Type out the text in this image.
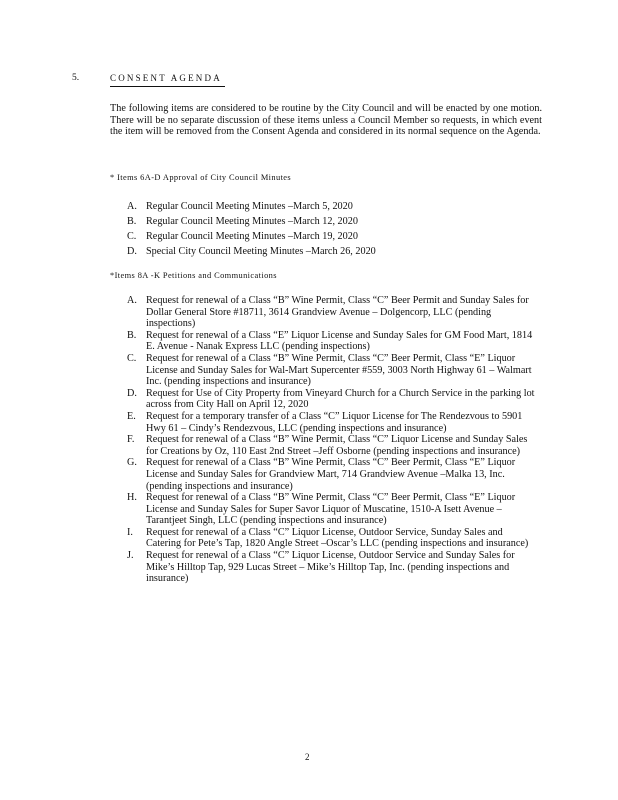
5.	CONSENT AGENDA

The following items are considered to be routine by the City Council and will be enacted by one motion. There will be no separate discussion of these items unless a Council Member so requests, in which event the item will be removed from the Consent Agenda and considered in its normal sequence on the Agenda.

* Items 6A-D Approval of City Council Minutes
A. Regular Council Meeting Minutes –March 5, 2020
B. Regular Council Meeting Minutes –March 12, 2020
C. Regular Council Meeting Minutes –March 19, 2020
D. Special City Council Meeting Minutes –March 26, 2020
*Items 8A -K Petitions and Communications
A. Request for renewal of a Class “B” Wine Permit, Class “C” Beer Permit and Sunday Sales for Dollar General Store #18711, 3614 Grandview Avenue – Dolgencorp, LLC (pending inspections)
B. Request for renewal of a Class “E” Liquor License and Sunday Sales for GM Food Mart, 1814 E. Avenue - Nanak Express LLC (pending inspections)
C. Request for renewal of a Class “B” Wine Permit, Class “C” Beer Permit, Class “E” Liquor License and Sunday Sales for Wal-Mart Supercenter #559, 3003 North Highway 61 – Walmart Inc. (pending inspections and insurance)
D. Request for Use of City Property from Vineyard Church for a Church Service in the parking lot across from City Hall on April 12, 2020
E. Request for a temporary transfer of a Class “C” Liquor License for The Rendezvous to 5901 Hwy 61 – Cindy’s Rendezvous, LLC (pending inspections and insurance)
F. Request for renewal of a Class “B” Wine Permit, Class “C” Liquor License and Sunday Sales for Creations by Oz, 110 East 2nd Street –Jeff Osborne (pending inspections and insurance)
G. Request for renewal of a Class “B” Wine Permit, Class “C” Beer Permit, Class “E” Liquor License and Sunday Sales for Grandview Mart, 714 Grandview Avenue –Malka 13, Inc. (pending inspections and insurance)
H. Request for renewal of a Class “B” Wine Permit, Class “C” Beer Permit, Class “E” Liquor License and Sunday Sales for Super Savor Liquor of Muscatine, 1510-A Isett Avenue –Tarantjeet Singh, LLC (pending inspections and insurance)
I. Request for renewal of a Class “C” Liquor License, Outdoor Service, Sunday Sales and Catering for Pete’s Tap, 1820 Angle Street –Oscar’s LLC (pending inspections and insurance)
J. Request for renewal of a Class “C” Liquor License, Outdoor Service and Sunday Sales for Mike’s Hilltop Tap, 929 Lucas Street – Mike’s Hilltop Tap, Inc. (pending inspections and insurance)
2
